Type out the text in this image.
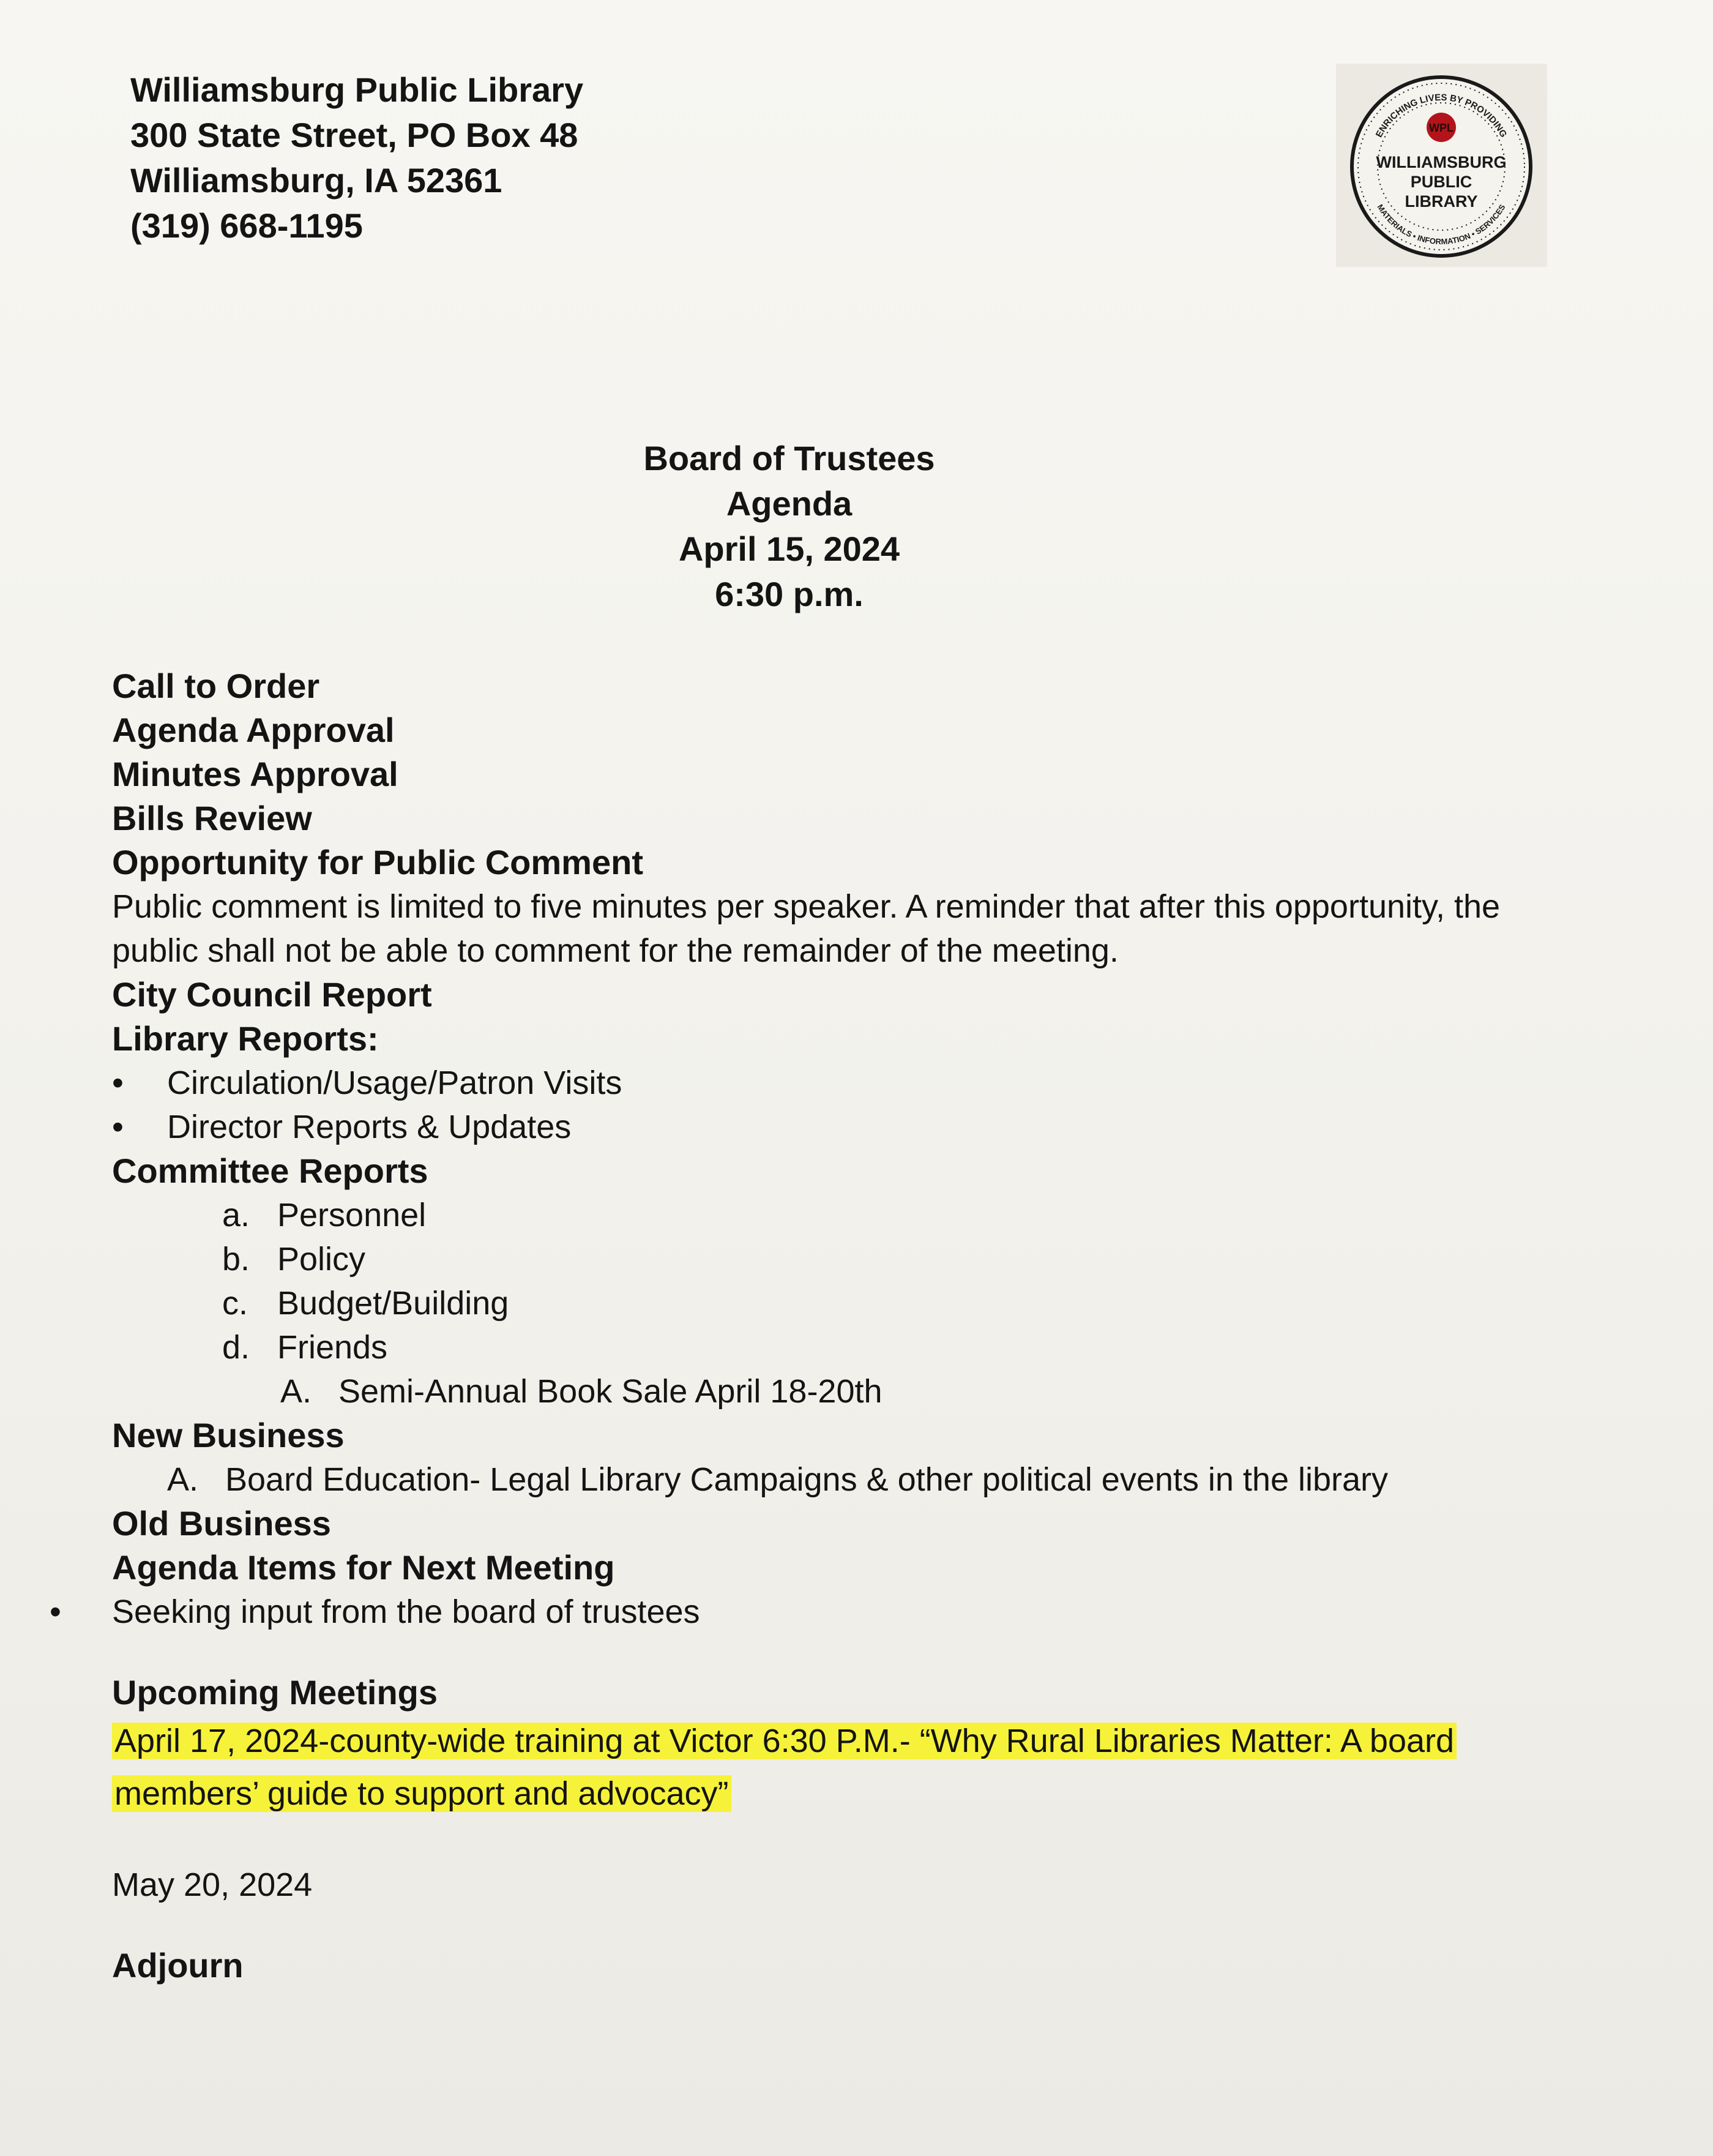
Williamsburg Public Library
300 State Street, PO Box 48
Williamsburg, IA 52361
(319) 668-1195
ENRICHING LIVES BY PROVIDING
MATERIALS • INFORMATION • SERVICES
WPL
WILLIAMSBURG
PUBLIC
LIBRARY
Board of Trustees
Agenda
April 15, 2024
6:30 p.m.
Call to Order
Agenda Approval
Minutes Approval
Bills Review
Opportunity for Public Comment
Public comment is limited to five minutes per speaker. A reminder that after this opportunity, the public shall not be able to comment for the remainder of the meeting.
City Council Report
Library Reports:
• Circulation/Usage/Patron Visits
• Director Reports & Updates
Committee Reports
a. Personnel
b. Policy
c. Budget/Building
d. Friends
A. Semi-Annual Book Sale April 18-20th
New Business
A. Board Education- Legal Library Campaigns & other political events in the library
Old Business
Agenda Items for Next Meeting
• Seeking input from the board of trustees
Upcoming Meetings
April 17, 2024-county-wide training at Victor 6:30 P.M.- “Why Rural Libraries Matter: A board members’ guide to support and advocacy”
May 20, 2024
Adjourn
